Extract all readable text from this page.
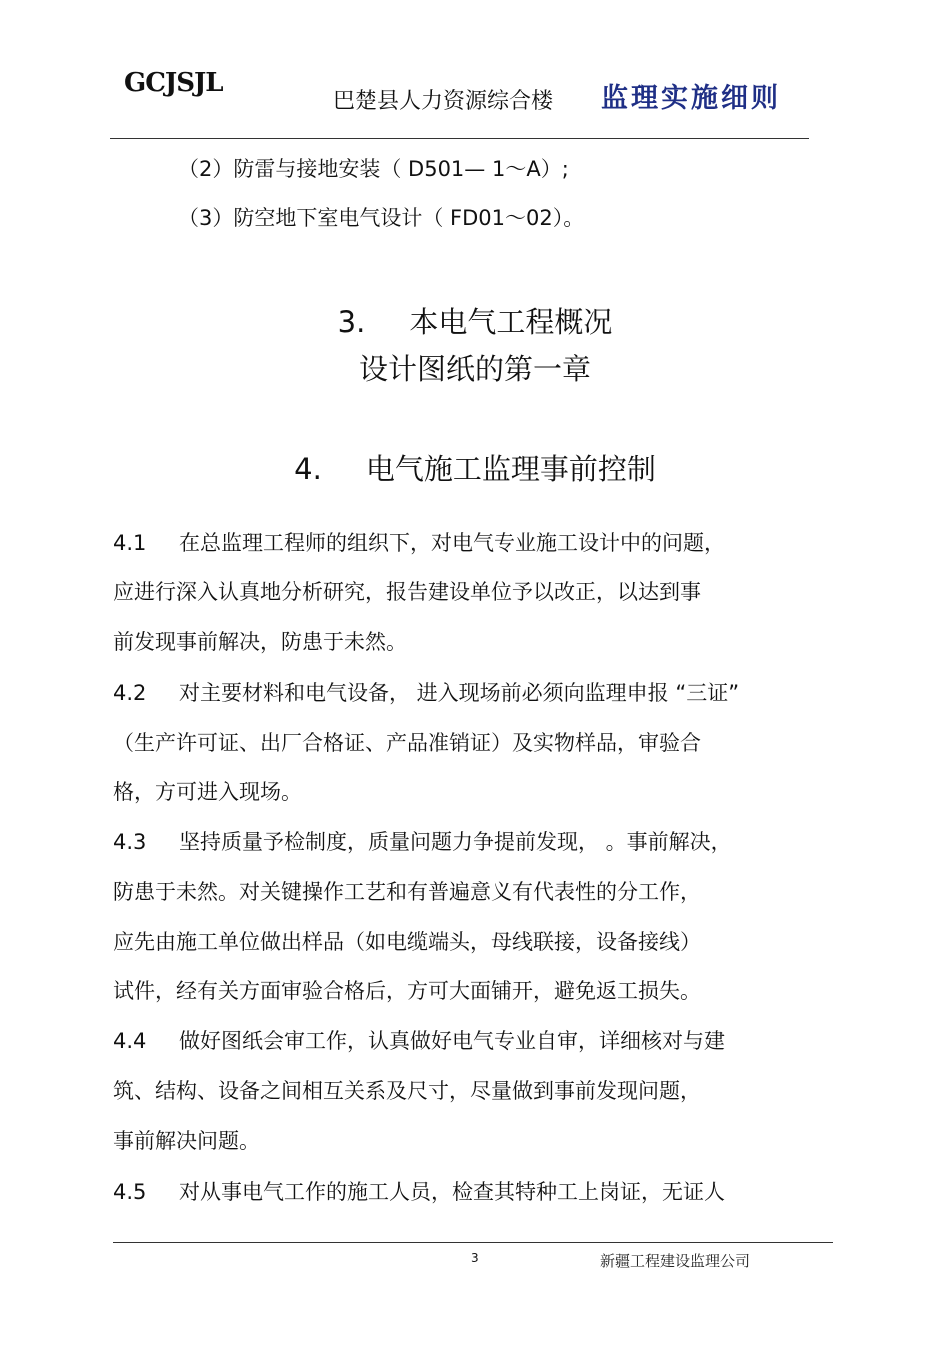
GCJSJL
巴楚县人力资源综合楼 监理实施细则
（2）防雷与接地安装（ D501— 1～A）;
（3）防空地下室电气设计（ FD01～02）。
3. 本电气工程概况
设计图纸的第一章
4. 电气施工监理事前控制
4.1 在总监理工程师的组织下，对电气专业施工设计中的问题，
应进行深入认真地分析研究，报告建设单位予以改正，以达到事
前发现事前解决，防患于未然。
4.2 对主要材料和电气设备， 进入现场前必须向监理申报 “三证”
（生产许可证、出厂合格证、产品准销证）及实物样品，审验合
格，方可进入现场。
4.3 坚持质量予检制度，质量问题力争提前发现， 。事前解决，
防患于未然。对关键操作工艺和有普遍意义有代表性的分工作，
应先由施工单位做出样品（如电缆端头，母线联接，设备接线）
试件，经有关方面审验合格后，方可大面铺开，避免返工损失。
4.4 做好图纸会审工作，认真做好电气专业自审，详细核对与建
筑、结构、设备之间相互关系及尺寸，尽量做到事前发现问题，
事前解决问题。
4.5 对从事电气工作的施工人员，检查其特种工上岗证，无证人
3	新疆工程建设监理公司
